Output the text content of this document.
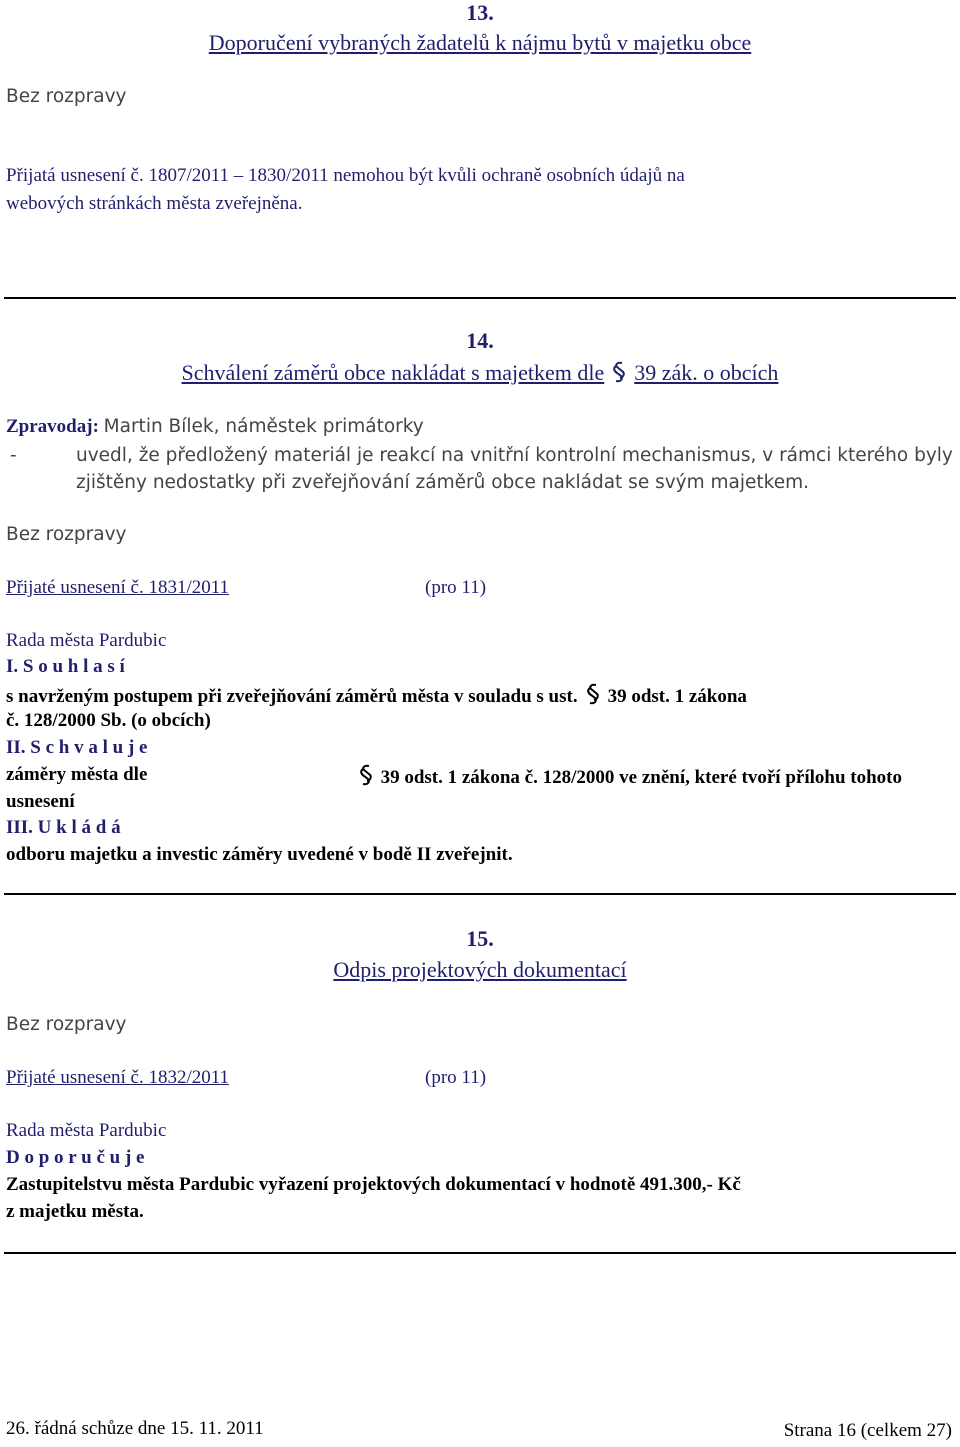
13.
Doporučení vybraných žadatelů k nájmu bytů v majetku obce
Bez rozpravy
Přijatá usnesení č. 1807/2011 – 1830/2011 nemohou být kvůli ochraně osobních údajů na
webových stránkách města zveřejněna.
14.
Schválení záměrů obce nakládat s majetkem dle 39 zák. o obcích
Zpravodaj: Martin Bílek, náměstek primátorky
-	uvedl, že předložený materiál je reakcí na vnitřní kontrolní mechanismus, v rámci kterého byly
zjištěny nedostatky při zveřejňování záměrů obce nakládat se svým majetkem.
Bez rozpravy
Přijaté usnesení č. 1831/2011	(pro 11)
Rada města Pardubic
I. S o u h l a s í
s navrženým postupem při zveřejňování záměrů města v souladu s ust. 39 odst. 1 zákona
č. 128/2000 Sb. (o obcích)
II. S c h v a l u j e
záměry města dle	39 odst. 1 zákona č. 128/2000 ve znění, které tvoří přílohu tohoto
usnesení
III. U k l á d á
odboru majetku a investic záměry uvedené v bodě II zveřejnit.
15.
Odpis projektových dokumentací
Bez rozpravy
Přijaté usnesení č. 1832/2011	(pro 11)
Rada města Pardubic
D o p o r u č u j e
Zastupitelstvu města Pardubic vyřazení projektových dokumentací v hodnotě 491.300,- Kč
z majetku města.
26. řádná schůze dne 15. 11. 2011	Strana 16 (celkem 27)
